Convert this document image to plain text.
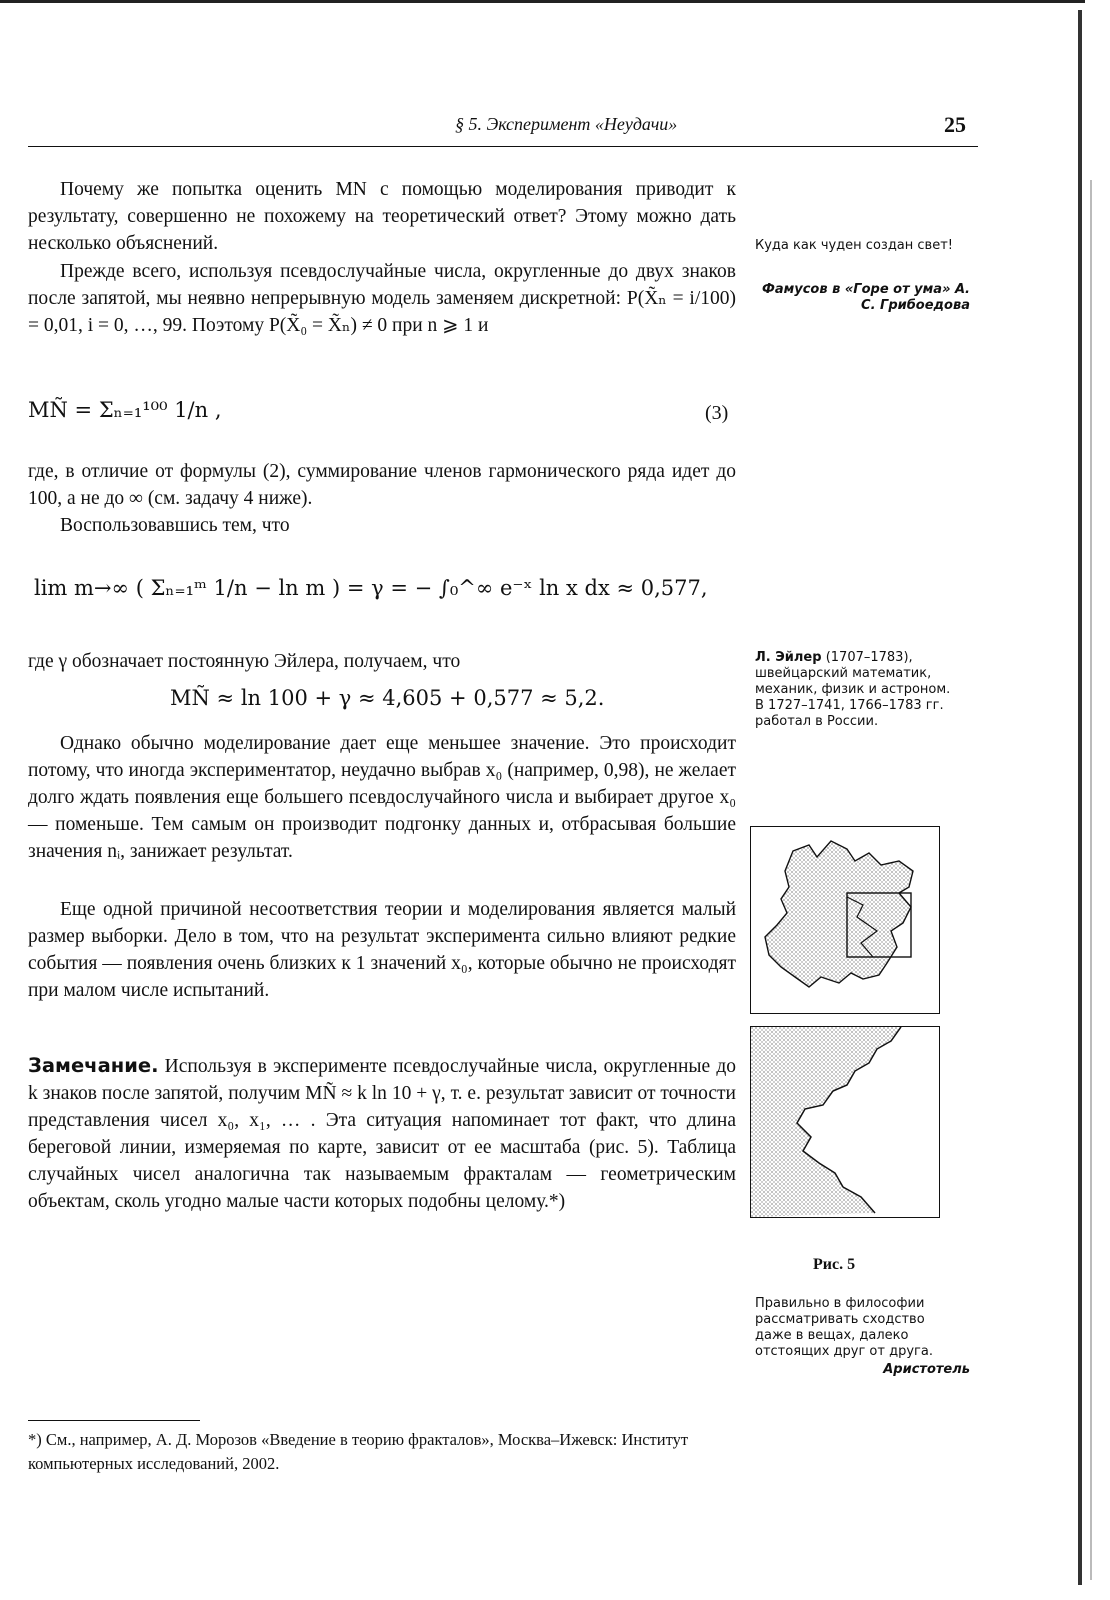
§ 5. Эксперимент «Неудачи»	25

Почему же попытка оценить MN с помощью моделирования приводит к результату, совершенно не похожему на теоретический ответ? Этому можно дать несколько объяснений.

Прежде всего, используя псевдослучайные числа, округленные до двух знаков после запятой, мы неявно непрерывную модель заменяем дискретной: P(X̃ₙ = i/100) = 0,01, i = 0, …, 99. Поэтому P(X̃₀ = X̃ₙ) ≠ 0 при n ⩾ 1 и

MÑ = Σₙ₌₁¹⁰⁰ 1/n ,	(3)

где, в отличие от формулы (2), суммирование членов гармонического ряда идет до 100, а не до ∞ (см. задачу 4 ниже).

Воспользовавшись тем, что

lim m→∞ ( Σₙ₌₁ᵐ 1/n − ln m ) = γ = − ∫₀^∞ e⁻ˣ ln x dx ≈ 0,577,

где γ обозначает постоянную Эйлера, получаем, что

MÑ ≈ ln 100 + γ ≈ 4,605 + 0,577 ≈ 5,2.

Однако обычно моделирование дает еще меньшее значение. Это происходит потому, что иногда экспериментатор, неудачно выбрав x₀ (например, 0,98), не желает долго ждать появления еще большего псевдослучайного числа и выбирает другое x₀ — поменьше. Тем самым он производит подгонку данных и, отбрасывая большие значения nᵢ, занижает результат.

Еще одной причиной несоответствия теории и моделирования является малый размер выборки. Дело в том, что на результат эксперимента сильно влияют редкие события — появления очень близких к 1 значений x₀, которые обычно не происходят при малом числе испытаний.

Замечание. Используя в эксперименте псевдослучайные числа, округленные до k знаков после запятой, получим MÑ ≈ k ln 10 + γ, т. е. результат зависит от точности представления чисел x₀, x₁, … . Эта ситуация напоминает тот факт, что длина береговой линии, измеряемая по карте, зависит от ее масштаба (рис. 5). Таблица случайных чисел аналогична так называемым фракталам — геометрическим объектам, сколь угодно малые части которых подобны целому.*)

Куда как чуден создан свет!
Фамусов в «Горе от ума» А. С. Грибоедова
Л. Эйлер (1707–1783), швейцарский математик, механик, физик и астроном. В 1727–1741, 1766–1783 гг. работал в России.
Рис. 5
Правильно в философии рассматривать сходство даже в вещах, далеко отстоящих друг от друга.
Аристотель
*) См., например, А. Д. Морозов «Введение в теорию фракталов», Москва–Ижевск: Институт компьютерных исследований, 2002.
